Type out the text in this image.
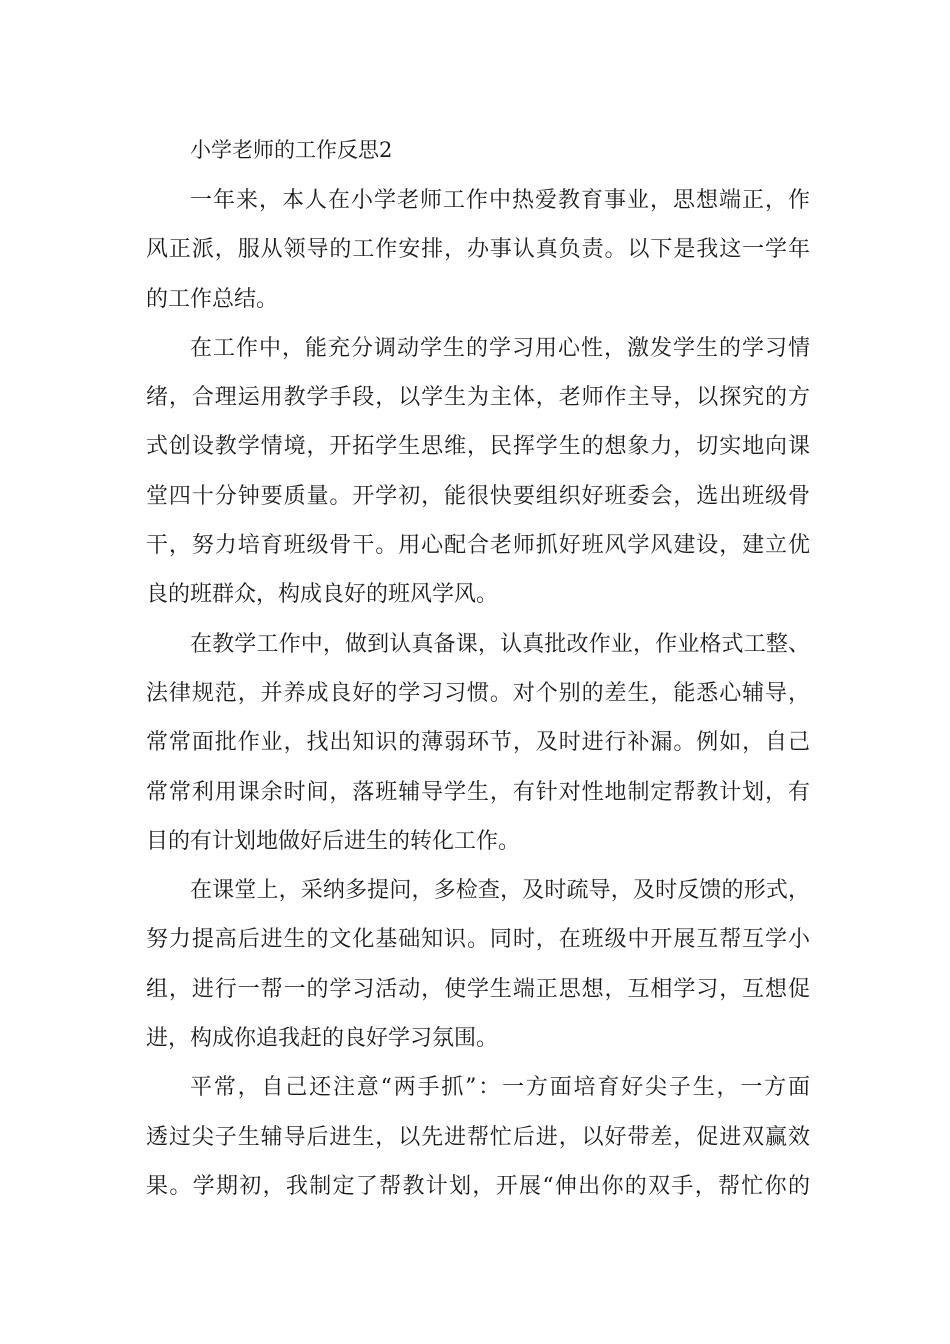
小学老师的工作反思2

一年来，本人在小学老师工作中热爱教育事业，思想端正，作
风正派，服从领导的工作安排，办事认真负责。以下是我这一学年
的工作总结。

在工作中，能充分调动学生的学习用心性，激发学生的学习情
绪，合理运用教学手段，以学生为主体，老师作主导，以探究的方
式创设教学情境，开拓学生思维，民挥学生的想象力，切实地向课
堂四十分钟要质量。开学初，能很快要组织好班委会，选出班级骨
干，努力培育班级骨干。用心配合老师抓好班风学风建设，建立优
良的班群众，构成良好的班风学风。

在教学工作中，做到认真备课，认真批改作业，作业格式工整、
法律规范，并养成良好的学习习惯。对个别的差生，能悉心辅导，
常常面批作业，找出知识的薄弱环节，及时进行补漏。例如，自己
常常利用课余时间，落班辅导学生，有针对性地制定帮教计划，有
目的有计划地做好后进生的转化工作。

在课堂上，采纳多提问，多检查，及时疏导，及时反馈的形式，
努力提高后进生的文化基础知识。同时，在班级中开展互帮互学小
组，进行一帮一的学习活动，使学生端正思想，互相学习，互想促
进，构成你追我赶的良好学习氛围。

平常，自己还注意“两手抓”：一方面培育好尖子生，一方面
透过尖子生辅导后进生，以先进帮忙后进，以好带差，促进双赢效
果。学期初，我制定了帮教计划，开展“伸出你的双手，帮忙你的
